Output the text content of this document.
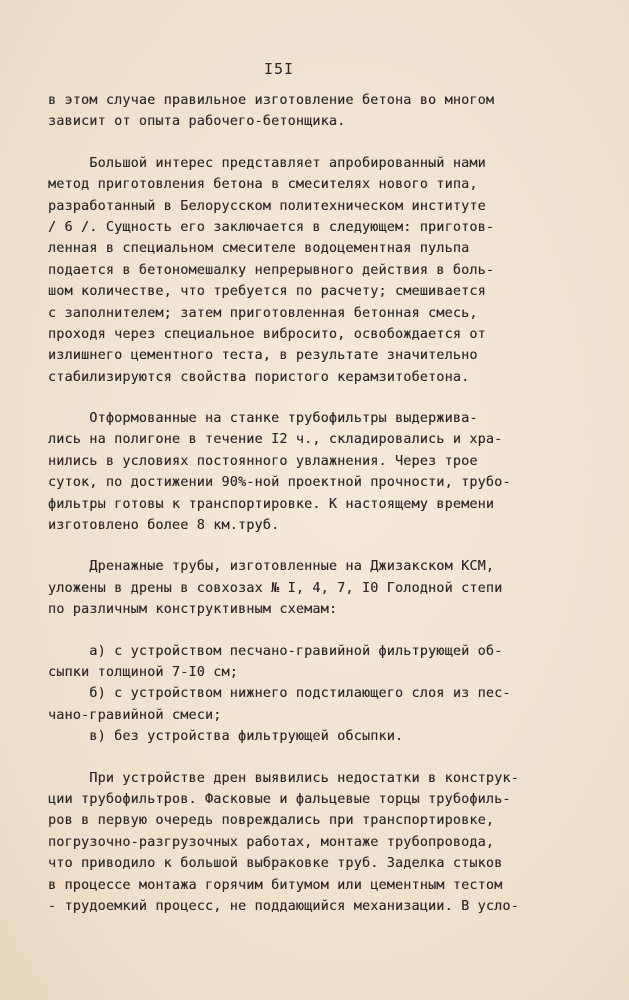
I5I
в этом случае правильное изготовление бетона во многом
зависит от опыта рабочего-бетонщика.
Большой интерес представляет апробированный нами
метод приготовления бетона в смесителях нового типа,
разработанный в Белорусском политехническом институте
/ 6 /. Сущность его заключается в следующем: приготов-
ленная в специальном смесителе водоцементная пульпа
подается в бетономешалку непрерывного действия в боль-
шом количестве, что требуется по расчету; смешивается
с заполнителем; затем приготовленная бетонная смесь,
проходя через специальное вибросито, освобождается от
излишнего цементного теста, в результате значительно
стабилизируются свойства пористого керамзитобетона.
Отформованные на станке трубофильтры выдержива-
лись на полигоне в течение I2 ч., складировались и хра-
нились в условиях постоянного увлажнения. Через трое
суток, по достижении 90%-ной проектной прочности, трубо-
фильтры готовы к транспортировке. К настоящему времени
изготовлено более 8 км.труб.
Дренажные трубы, изготовленные на Джизакском КСМ,
уложены в дрены в совхозах № I, 4, 7, I0 Голодной степи
по различным конструктивным схемам:
а) с устройством песчано-гравийной фильтрующей об-
сыпки толщиной 7-I0 см;
б) с устройством нижнего подстилающего слоя из пес-
чано-гравийной смеси;
в) без устройства фильтрующей обсыпки.
При устройстве дрен выявились недостатки в конструк-
ции трубофильтров. Фасковые и фальцевые торцы трубофиль-
ров в первую очередь повреждались при транспортировке,
погрузочно-разгрузочных работах, монтаже трубопровода,
что приводило к большой выбраковке труб. Заделка стыков
в процессе монтажа горячим битумом или цементным тестом
- трудоемкий процесс, не поддающийся механизации. В усло-
